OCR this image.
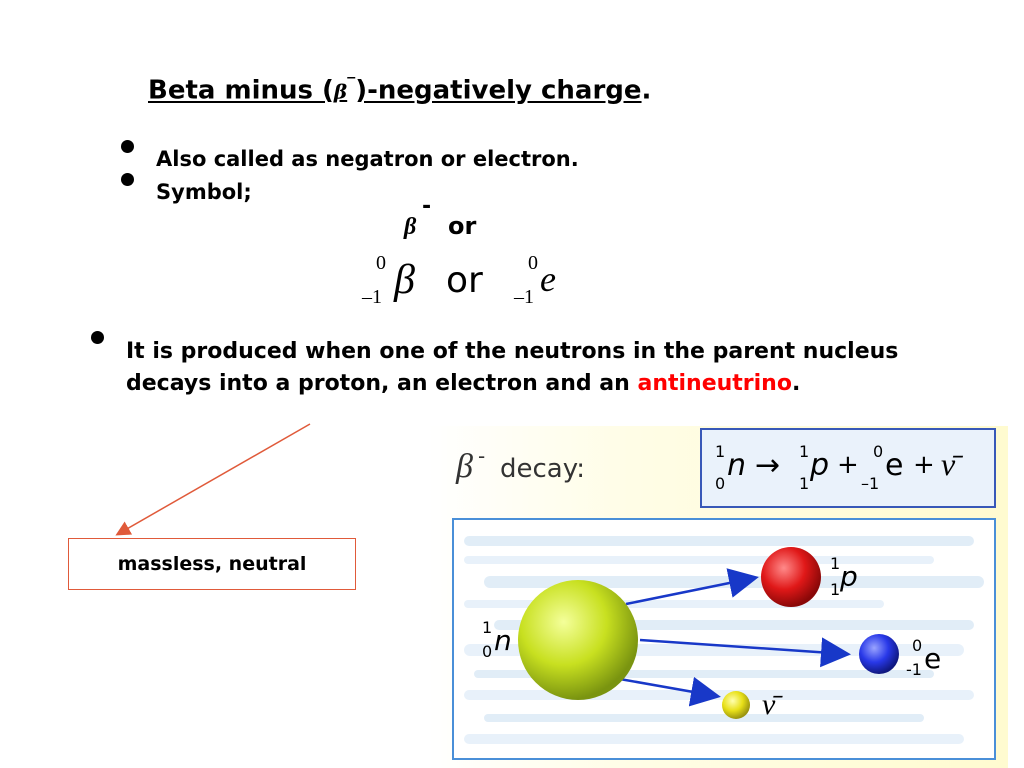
Beta minus (β‾)-negatively charge.
Also called as negatron or electron.
Symbol;
β
-
or
0
–1 β or 0
–1 e
It is produced when one of the neutrons in the parent nucleus decays into a proton, an electron and an antineutrino.
massless, neutral
β - decay:
1
0
n → 1
1
p + 0
–1
e + ν̄
1
0 n
1
1 p
0
-1 e
ν̄
